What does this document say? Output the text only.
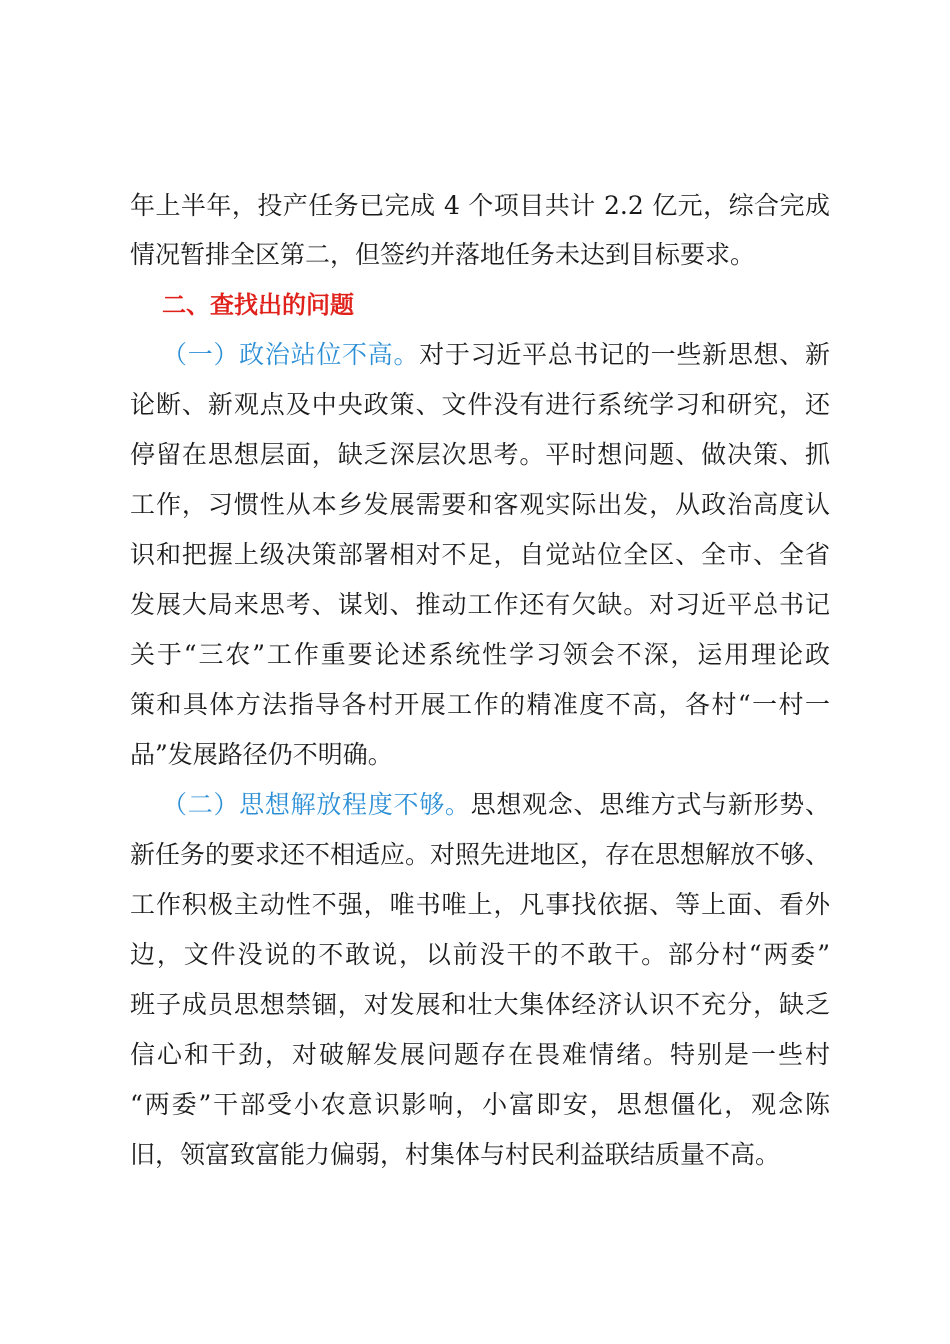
年上半年，投产任务已完成 4 个项目共计 2.2 亿元，综合完成
情况暂排全区第二，但签约并落地任务未达到目标要求。
二、查找出的问题
（一）政治站位不高。对于习近平总书记的一些新思想、新
论断、新观点及中央政策、文件没有进行系统学习和研究，还
停留在思想层面，缺乏深层次思考。平时想问题、做决策、抓
工作，习惯性从本乡发展需要和客观实际出发，从政治高度认
识和把握上级决策部署相对不足，自觉站位全区、全市、全省
发展大局来思考、谋划、推动工作还有欠缺。对习近平总书记
关于“三农”工作重要论述系统性学习领会不深，运用理论政
策和具体方法指导各村开展工作的精准度不高，各村“一村一
品”发展路径仍不明确。
（二）思想解放程度不够。思想观念、思维方式与新形势、
新任务的要求还不相适应。对照先进地区，存在思想解放不够、
工作积极主动性不强，唯书唯上，凡事找依据、等上面、看外
边，文件没说的不敢说，以前没干的不敢干。部分村“两委”
班子成员思想禁锢，对发展和壮大集体经济认识不充分，缺乏
信心和干劲，对破解发展问题存在畏难情绪。特别是一些村
“两委”干部受小农意识影响，小富即安，思想僵化，观念陈
旧，领富致富能力偏弱，村集体与村民利益联结质量不高。
